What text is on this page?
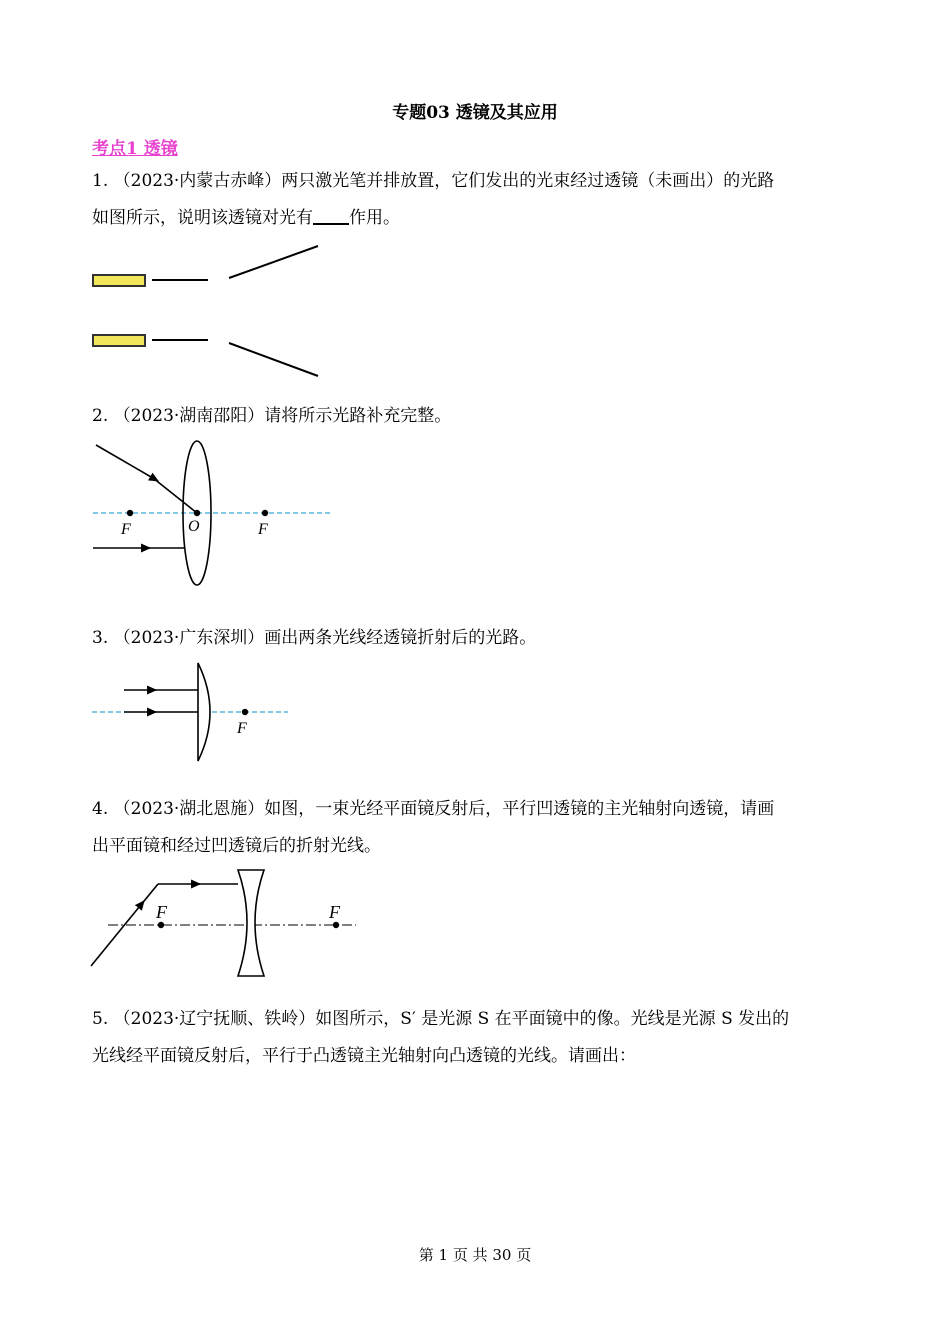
专题03 透镜及其应用
考点1 透镜
1. （2023·内蒙古赤峰）两只激光笔并排放置，它们发出的光束经过透镜（未画出）的光路
如图所示，说明该透镜对光有 作用。
2. （2023·湖南邵阳）请将所示光路补充完整。
F	O	F
3. （2023·广东深圳）画出两条光线经透镜折射后的光路。
F
4. （2023·湖北恩施）如图，一束光经平面镜反射后，平行凹透镜的主光轴射向透镜，请画
出平面镜和经过凹透镜后的折射光线。
F	F
5. （2023·辽宁抚顺、铁岭）如图所示，S′ 是光源 S 在平面镜中的像。光线是光源 S 发出的
光线经平面镜反射后，平行于凸透镜主光轴射向凸透镜的光线。请画出：
第 1 页 共 30 页
